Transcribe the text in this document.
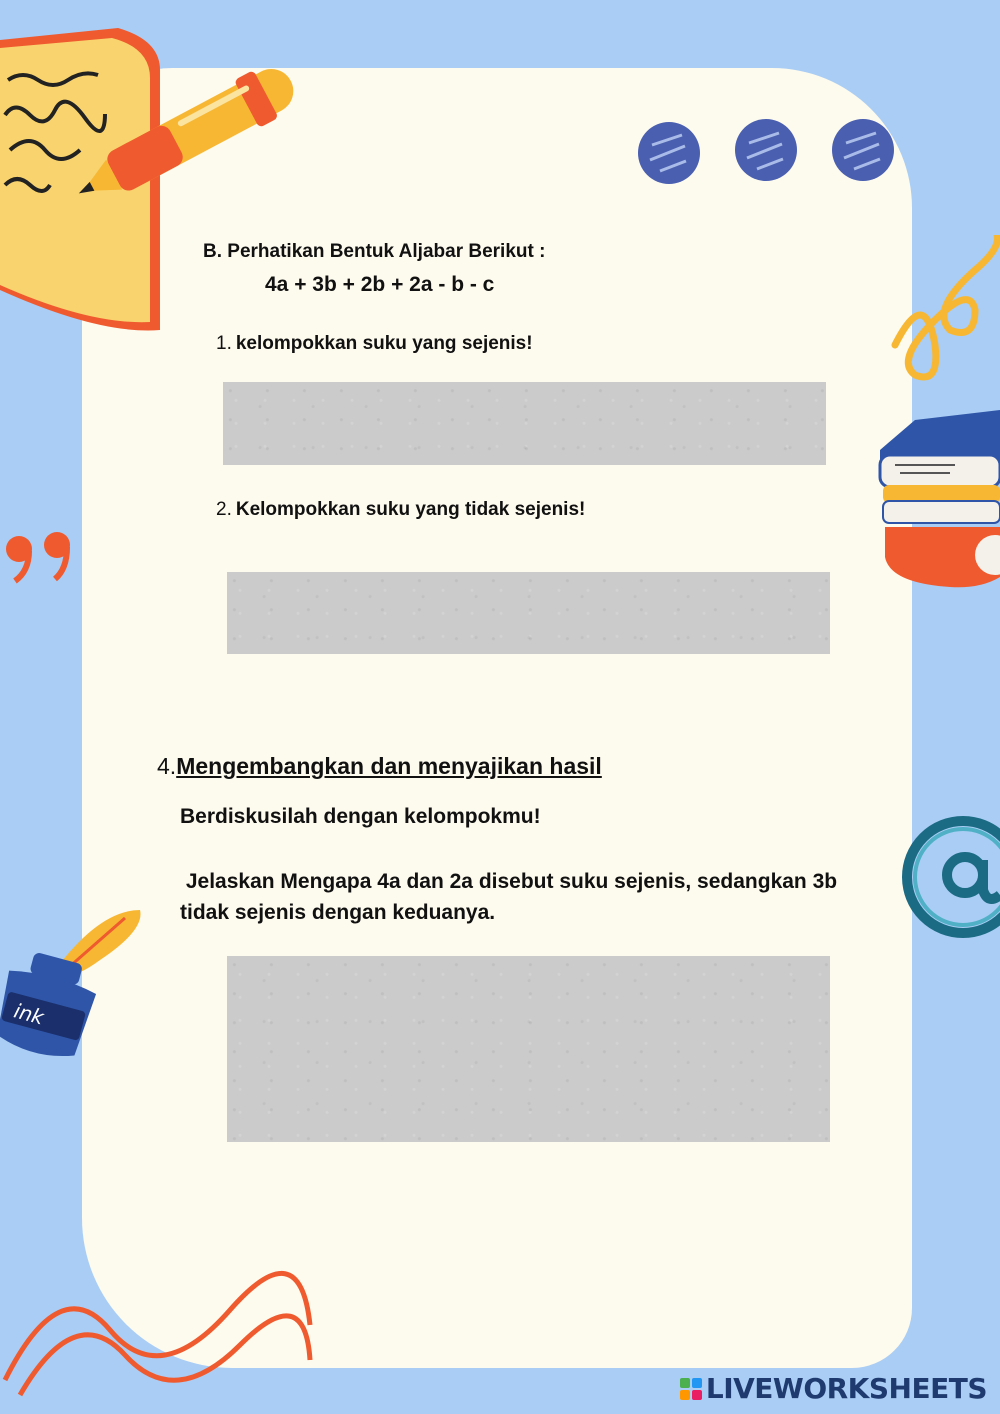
ink
B. Perhatikan Bentuk Aljabar Berikut :
4a + 3b + 2b + 2a - b - c
1. kelompokkan suku yang sejenis!
2. Kelompokkan suku yang tidak sejenis!
4.Mengembangkan dan menyajikan hasil
Berdiskusilah dengan kelompokmu!
Jelaskan Mengapa 4a dan 2a disebut suku sejenis, sedangkan 3b tidak sejenis dengan keduanya.
LIVEWORKSHEETS
